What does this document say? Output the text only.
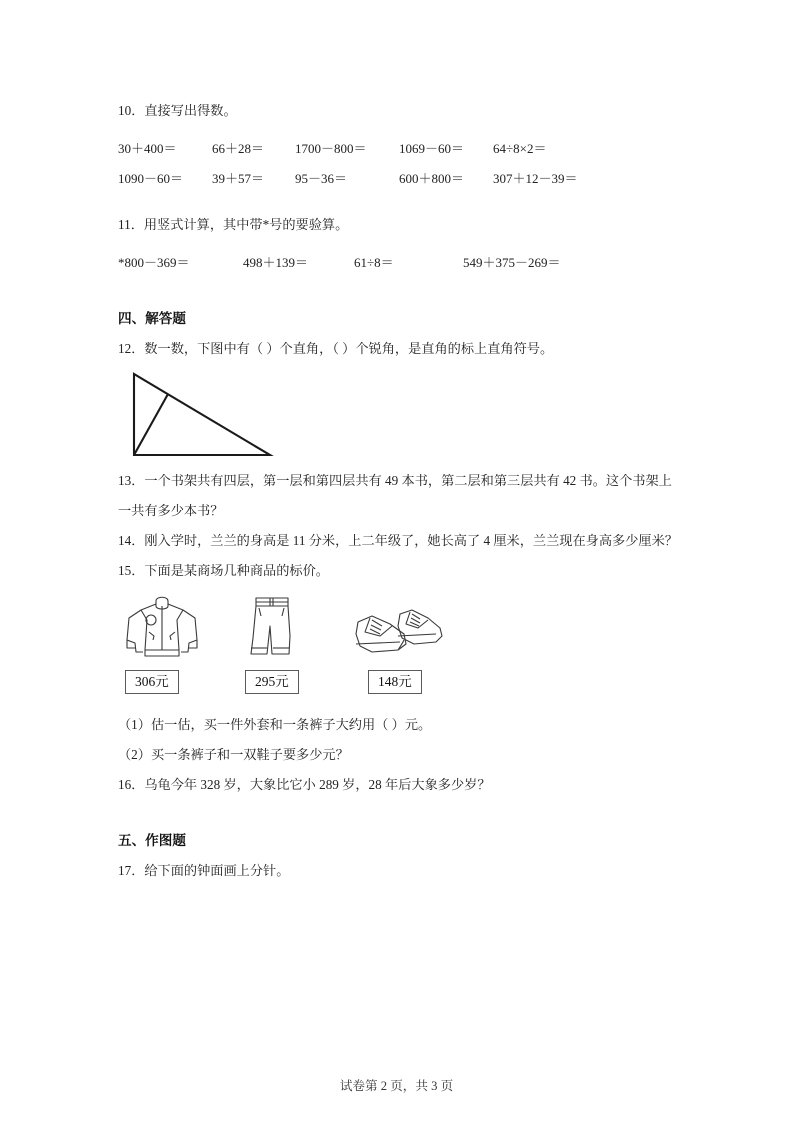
10．直接写出得数。
30＋400＝	66＋28＝	1700－800＝	1069－60＝	64÷8×2＝
1090－60＝	39＋57＝	95－36＝	600＋800＝	307＋12－39＝
11．用竖式计算，其中带*号的要验算。
*800－369＝	498＋139＝	61÷8＝	549＋375－269＝
四、解答题
12．数一数，下图中有（ ）个直角，（ ）个锐角，是直角的标上直角符号。
13．一个书架共有四层，第一层和第四层共有 49 本书，第二层和第三层共有 42 书。这个书架上一共有多少本书？
14．刚入学时，兰兰的身高是 11 分米，上二年级了，她长高了 4 厘米，兰兰现在身高多少厘米？
15．下面是某商场几种商品的标价。
306元	295元	148元
（1）估一估，买一件外套和一条裤子大约用（ ）元。
（2）买一条裤子和一双鞋子要多少元？
16．乌龟今年 328 岁，大象比它小 289 岁，28 年后大象多少岁？
五、作图题
17．给下面的钟面画上分针。
试卷第 2 页，共 3 页
